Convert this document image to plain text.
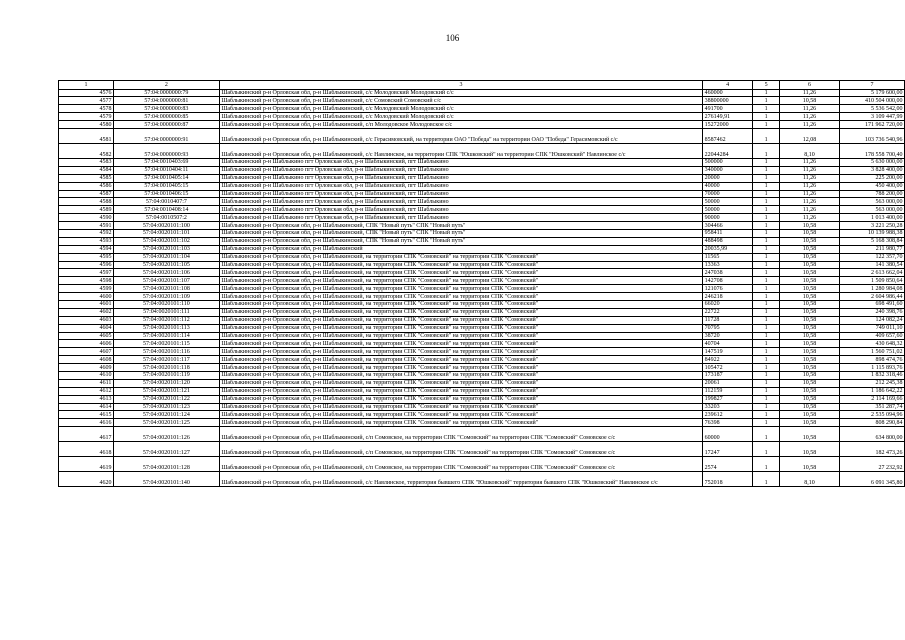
106
1	2	3	4	5	6	7
4576	57:04:0000000:79	Шаблыкинский р-н Орловская обл, р-н Шаблыкинский, с/с Молодовский Молодовский с/с	460000	1	11,26	5 179 600,00
4577	57:04:0000000:81	Шаблыкинский р-н Орловская обл, р-н Шаблыкинский, с/с Сомовский Сомовский с/с	38800000	1	10,58	410 504 000,00
4578	57:04:0000000:83	Шаблыкинский р-н Орловская обл, р-н Шаблыкинский, с/с Молодовский Молодовский с/с	491700	1	11,26	5 536 542,00
4579	57:04:0000000:85	Шаблыкинский р-н Орловская обл, р-н Шаблыкинский, с/с Молодовский Молодовский с/с	276149,91	1	11,26	3 109 447,99
4580	57:04:0000000:87	Шаблыкинский р-н Орловская обл, р-н Шаблыкинский, с/п Молодовское Молодовское с/с	15272000	1	11,26	171 962 720,00
4581	57:04:0000000:91	Шаблыкинский р-н Орловская обл, р-н Шаблыкинский, с/с Герасимовский, на территории ОАО "Победа" на территории ОАО "Победа" Герасимовский с/с	8587462	1	12,08	103 736 540,96
4582	57:04:0000000:93	Шаблыкинский р-н Орловская обл, р-н Шаблыкинский, с/с Навлинское, на территории СПК "Юшковский" на территории СПК "Юшковский" Навлинское с/с	22044284	1	8,10	178 558 700,40
4583	57:04:0010403:69	Шаблыкинский р-н Шаблыкино пгт Орловская обл, р-н Шаблыкинский, пгт Шаблыкино	500000	1	11,26	5 630 000,00
4584	57:04:0010404:11	Шаблыкинский р-н Шаблыкино пгт Орловская обл, р-н Шаблыкинский, пгт Шаблыкино	340000	1	11,26	3 828 400,00
4585	57:04:0010405:14	Шаблыкинский р-н Шаблыкино пгт Орловская обл, р-н Шаблыкинский, пгт Шаблыкино	20000	1	11,26	225 200,00
4586	57:04:0010405:15	Шаблыкинский р-н Шаблыкино пгт Орловская обл, р-н Шаблыкинский, пгт Шаблыкино	40000	1	11,26	450 400,00
4587	57:04:0010406:15	Шаблыкинский р-н Шаблыкино пгт Орловская обл, р-н Шаблыкинский, пгт Шаблыкино	70000	1	11,26	788 200,00
4588	57:04:0010407:7	Шаблыкинский р-н Шаблыкино пгт Орловская обл, р-н Шаблыкинский, пгт Шаблыкино	50000	1	11,26	563 000,00
4589	57:04:0010408:14	Шаблыкинский р-н Шаблыкино пгт Орловская обл, р-н Шаблыкинский, пгт Шаблыкино	50000	1	11,26	563 000,00
4590	57:04:0010507:2	Шаблыкинский р-н Шаблыкино пгт Орловская обл, р-н Шаблыкинский, пгт Шаблыкино	90000	1	11,26	1 013 400,00
4591	57:04:0020101:100	Шаблыкинский р-н Орловская обл, р-н Шаблыкинский, СПК "Новый путь" СПК "Новый путь"	304466	1	10,58	3 221 250,28
4592	57:04:0020101:101	Шаблыкинский р-н Орловская обл, р-н Шаблыкинский, СПК "Новый путь" СПК "Новый путь"	958411	1	10,58	10 139 988,38
4593	57:04:0020101:102	Шаблыкинский р-н Орловская обл, р-н Шаблыкинский, СПК "Новый путь" СПК "Новый путь"	488498	1	10,58	5 168 308,84
4594	57:04:0020101:103	Шаблыкинский р-н Орловская обл, р-н Шаблыкинский	20035,99	1	10,58	211 980,77
4595	57:04:0020101:104	Шаблыкинский р-н Орловская обл, р-н Шаблыкинский, на территории СПК "Сомовский" на территории СПК "Сомовский"	11565	1	10,58	122 357,70
4596	57:04:0020101:105	Шаблыкинский р-н Орловская обл, р-н Шаблыкинский, на территории СПК "Сомовский" на территории СПК "Сомовский"	13363	1	10,58	141 380,54
4597	57:04:0020101:106	Шаблыкинский р-н Орловская обл, р-н Шаблыкинский, на территории СПК "Сомовский" на территории СПК "Сомовский"	247038	1	10,58	2 613 662,04
4598	57:04:0020101:107	Шаблыкинский р-н Орловская обл, р-н Шаблыкинский, на территории СПК "Сомовский" на территории СПК "Сомовский"	142708	1	10,58	1 509 850,64
4599	57:04:0020101:108	Шаблыкинский р-н Орловская обл, р-н Шаблыкинский, на территории СПК "Сомовский" на территории СПК "Сомовский"	121076	1	10,58	1 280 984,08
4600	57:04:0020101:109	Шаблыкинский р-н Орловская обл, р-н Шаблыкинский, на территории СПК "Сомовский" на территории СПК "Сомовский"	246218	1	10,58	2 604 986,44
4601	57:04:0020101:110	Шаблыкинский р-н Орловская обл, р-н Шаблыкинский, на территории СПК "Сомовский" на территории СПК "Сомовский"	66020	1	10,58	698 491,60
4602	57:04:0020101:111	Шаблыкинский р-н Орловская обл, р-н Шаблыкинский, на территории СПК "Сомовский" на территории СПК "Сомовский"	22722	1	10,58	240 398,76
4603	57:04:0020101:112	Шаблыкинский р-н Орловская обл, р-н Шаблыкинский, на территории СПК "Сомовский" на территории СПК "Сомовский"	11728	1	10,58	124 082,24
4604	57:04:0020101:113	Шаблыкинский р-н Орловская обл, р-н Шаблыкинский, на территории СПК "Сомовский" на территории СПК "Сомовский"	70795	1	10,58	749 011,10
4605	57:04:0020101:114	Шаблыкинский р-н Орловская обл, р-н Шаблыкинский, на территории СПК "Сомовский" на территории СПК "Сомовский"	38720	1	10,58	409 657,60
4606	57:04:0020101:115	Шаблыкинский р-н Орловская обл, р-н Шаблыкинский, на территории СПК "Сомовский" на территории СПК "Сомовский"	40704	1	10,58	430 648,32
4607	57:04:0020101:116	Шаблыкинский р-н Орловская обл, р-н Шаблыкинский, на территории СПК "Сомовский" на территории СПК "Сомовский"	147519	1	10,58	1 560 751,02
4608	57:04:0020101:117	Шаблыкинский р-н Орловская обл, р-н Шаблыкинский, на территории СПК "Сомовский" на территории СПК "Сомовский"	84922	1	10,58	898 474,76
4609	57:04:0020101:118	Шаблыкинский р-н Орловская обл, р-н Шаблыкинский, на территории СПК "Сомовский" на территории СПК "Сомовский"	105472	1	10,58	1 115 893,76
4610	57:04:0020101:119	Шаблыкинский р-н Орловская обл, р-н Шаблыкинский, на территории СПК "Сомовский" на территории СПК "Сомовский"	173187	1	10,58	1 832 318,46
4611	57:04:0020101:120	Шаблыкинский р-н Орловская обл, р-н Шаблыкинский, на территории СПК "Сомовский" на территории СПК "Сомовский"	20061	1	10,58	212 245,38
4612	57:04:0020101:121	Шаблыкинский р-н Орловская обл, р-н Шаблыкинский, на территории СПК "Сомовский" на территории СПК "Сомовский"	112159	1	10,58	1 186 642,22
4613	57:04:0020101:122	Шаблыкинский р-н Орловская обл, р-н Шаблыкинский, на территории СПК "Сомовский" на территории СПК "Сомовский"	199827	1	10,58	2 114 169,66
4614	57:04:0020101:123	Шаблыкинский р-н Орловская обл, р-н Шаблыкинский, на территории СПК "Сомовский" на территории СПК "Сомовский"	33203	1	10,58	351 287,74
4615	57:04:0020101:124	Шаблыкинский р-н Орловская обл, р-н Шаблыкинский, на территории СПК "Сомовский" на территории СПК "Сомовский"	239612	1	10,58	2 535 094,96
4616	57:04:0020101:125	Шаблыкинский р-н Орловская обл, р-н Шаблыкинский, на территории СПК "Сомовский" на территории СПК "Сомовский"	76398	1	10,58	808 290,84
4617	57:04:0020101:126	Шаблыкинский р-н Орловская обл, р-н Шаблыкинский, с/п Сомовское, на территории СПК "Сомовский" на территории СПК "Сомовский" Сомовское с/с	60000	1	10,58	634 800,00
4618	57:04:0020101:127	Шаблыкинский р-н Орловская обл, р-н Шаблыкинский, с/п Сомовское, на территории СПК "Сомовский" на территории СПК "Сомовский" Сомовское с/с	17247	1	10,58	182 473,26
4619	57:04:0020101:128	Шаблыкинский р-н Орловская обл, р-н Шаблыкинский, с/п Сомовское, на территории СПК "Сомовский" на территории СПК "Сомовский" Сомовское с/с	2574	1	10,58	27 232,92
4620	57:04:0020101:140	Шаблыкинский р-н Орловская обл, р-н Шаблыкинский, с/с Навлинское, территория бывшего СПК "Юшковский" территория бывшего СПК "Юшковский" Навлинское с/с	752018	1	8,10	6 091 345,80
